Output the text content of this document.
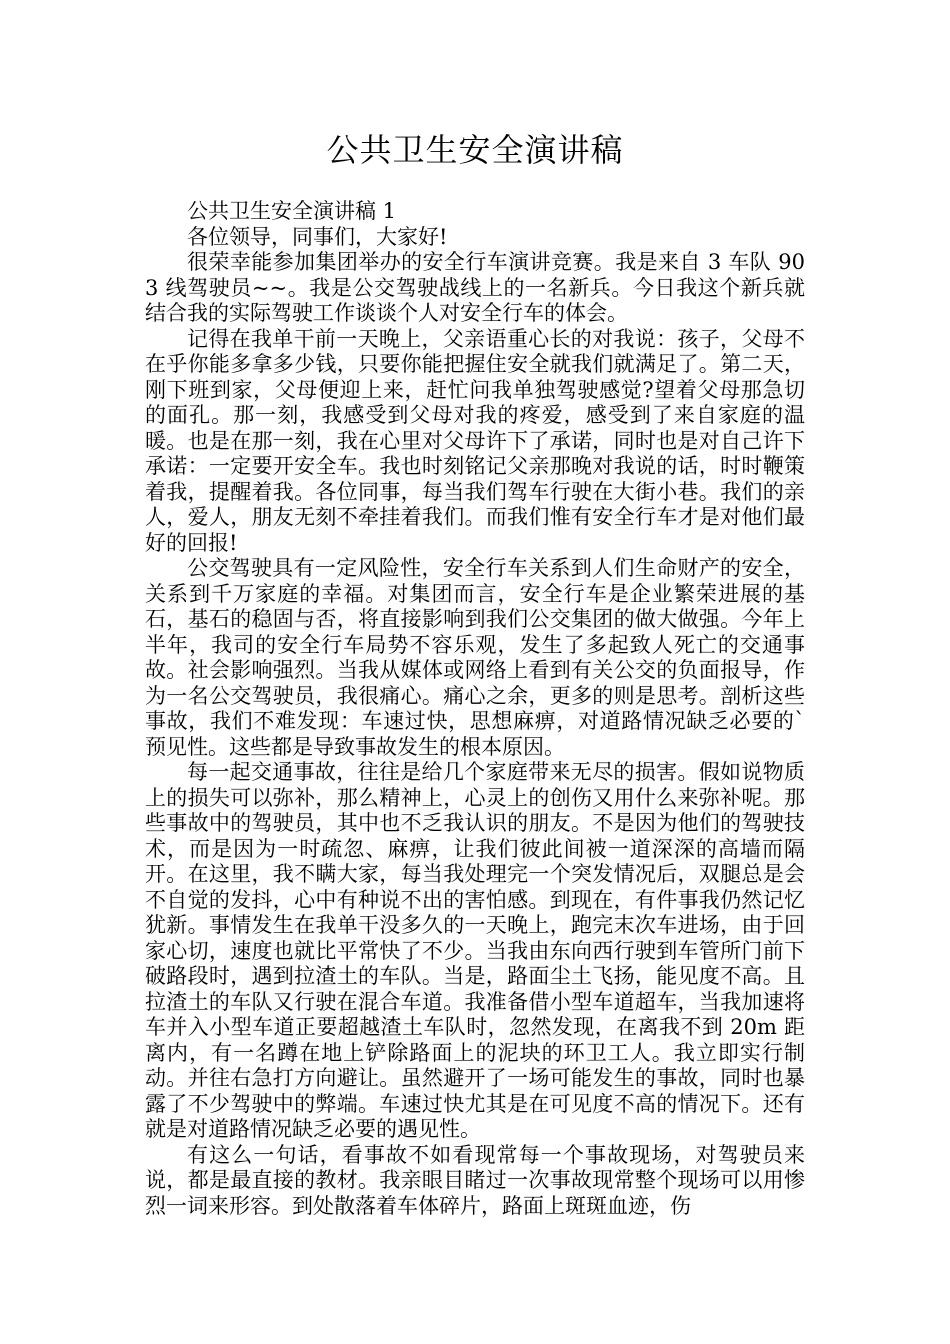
公共卫生安全演讲稿

公共卫生安全演讲稿 1

各位领导，同事们，大家好!

很荣幸能参加集团举办的安全行车演讲竞赛。我是来自 3 车队 903 线驾驶员~~。我是公交驾驶战线上的一名新兵。今日我这个新兵就结合我的实际驾驶工作谈谈个人对安全行车的体会。

记得在我单干前一天晚上，父亲语重心长的对我说：孩子，父母不在乎你能多拿多少钱，只要你能把握住安全就我们就满足了。第二天，刚下班到家，父母便迎上来，赶忙问我单独驾驶感觉?望着父母那急切的面孔。那一刻，我感受到父母对我的疼爱，感受到了来自家庭的温暖。也是在那一刻，我在心里对父母许下了承诺，同时也是对自己许下承诺：一定要开安全车。我也时刻铭记父亲那晚对我说的话，时时鞭策着我，提醒着我。各位同事，每当我们驾车行驶在大街小巷。我们的亲人，爱人，朋友无刻不牵挂着我们。而我们惟有安全行车才是对他们最好的回报!

公交驾驶具有一定风险性，安全行车关系到人们生命财产的安全，关系到千万家庭的幸福。对集团而言，安全行车是企业繁荣进展的基石，基石的稳固与否，将直接影响到我们公交集团的做大做强。今年上半年，我司的安全行车局势不容乐观，发生了多起致人死亡的交通事故。社会影响强烈。当我从媒体或网络上看到有关公交的负面报导，作为一名公交驾驶员，我很痛心。痛心之余，更多的则是思考。剖析这些事故，我们不难发现：车速过快，思想麻痹，对道路情况缺乏必要的`预见性。这些都是导致事故发生的根本原因。

每一起交通事故，往往是给几个家庭带来无尽的损害。假如说物质上的损失可以弥补，那么精神上，心灵上的创伤又用什么来弥补呢。那些事故中的驾驶员，其中也不乏我认识的朋友。不是因为他们的驾驶技术，而是因为一时疏忽、麻痹，让我们彼此间被一道深深的高墙而隔开。在这里，我不瞒大家，每当我处理完一个突发情况后，双腿总是会不自觉的发抖，心中有种说不出的害怕感。到现在，有件事我仍然记忆犹新。事情发生在我单干没多久的一天晚上，跑完末次车进场，由于回家心切，速度也就比平常快了不少。当我由东向西行驶到车管所门前下破路段时，遇到拉渣土的车队。当是，路面尘土飞扬，能见度不高。且拉渣土的车队又行驶在混合车道。我准备借小型车道超车，当我加速将车并入小型车道正要超越渣土车队时，忽然发现，在离我不到 20m 距离内，有一名蹲在地上铲除路面上的泥块的环卫工人。我立即实行制动。并往右急打方向避让。虽然避开了一场可能发生的事故，同时也暴露了不少驾驶中的弊端。车速过快尤其是在可见度不高的情况下。还有就是对道路情况缺乏必要的遇见性。

有这么一句话，看事故不如看现常每一个事故现场，对驾驶员来说，都是最直接的教材。我亲眼目睹过一次事故现常整个现场可以用惨烈一词来形容。到处散落着车体碎片，路面上斑斑血迹，伤
